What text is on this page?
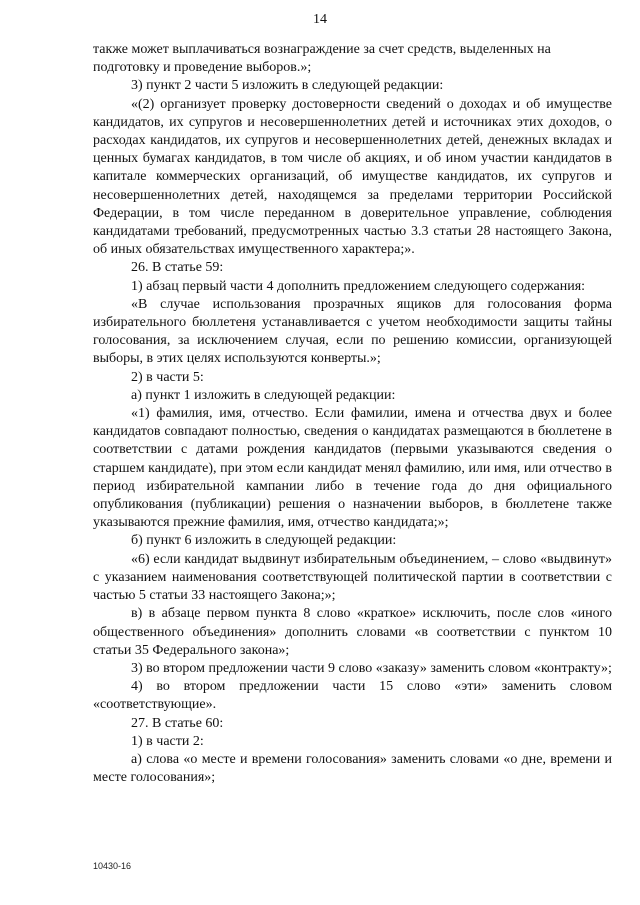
14

также может выплачиваться вознаграждение за счет средств, выделенных на подготовку и проведение выборов.»;

3) пункт 2 части 5 изложить в следующей редакции:

«(2) организует проверку достоверности сведений о доходах и об имуществе кандидатов, их супругов и несовершеннолетних детей и источниках этих доходов, о расходах кандидатов, их супругов и несовершеннолетних детей, денежных вкладах и ценных бумагах кандидатов, в том числе об акциях, и об ином участии кандидатов в капитале коммерческих организаций, об имуществе кандидатов, их супругов и несовершеннолетних детей, находящемся за пределами территории Российской Федерации, в том числе переданном в доверительное управление, соблюдения кандидатами требований, предусмотренных частью 3.3 статьи 28 настоящего Закона, об иных обязательствах имущественного характера;».

26. В статье 59:

1) абзац первый части 4 дополнить предложением следующего содержания:

«В случае использования прозрачных ящиков для голосования форма избирательного бюллетеня устанавливается с учетом необходимости защиты тайны голосования, за исключением случая, если по решению комиссии, организующей выборы, в этих целях используются конверты.»;

2) в части 5:

а) пункт 1 изложить в следующей редакции:

«1) фамилия, имя, отчество. Если фамилии, имена и отчества двух и более кандидатов совпадают полностью, сведения о кандидатах размещаются в бюллетене в соответствии с датами рождения кандидатов (первыми указываются сведения о старшем кандидате), при этом если кандидат менял фамилию, или имя, или отчество в период избирательной кампании либо в течение года до дня официального опубликования (публикации) решения о назначении выборов, в бюллетене также указываются прежние фамилия, имя, отчество кандидата;»;

б) пункт 6 изложить в следующей редакции:

«6) если кандидат выдвинут избирательным объединением, – слово «выдвинут» с указанием наименования соответствующей политической партии в соответствии с частью 5 статьи 33 настоящего Закона;»;

в) в абзаце первом пункта 8 слово «краткое» исключить, после слов «иного общественного объединения» дополнить словами «в соответствии с пунктом 10 статьи 35 Федерального закона»;

3) во втором предложении части 9 слово «заказу» заменить словом «контракту»;

4) во втором предложении части 15 слово «эти» заменить словом «соответствующие».

27. В статье 60:

1) в части 2:

а) слова «о месте и времени голосования» заменить словами «о дне, времени и месте голосования»;

10430-16
